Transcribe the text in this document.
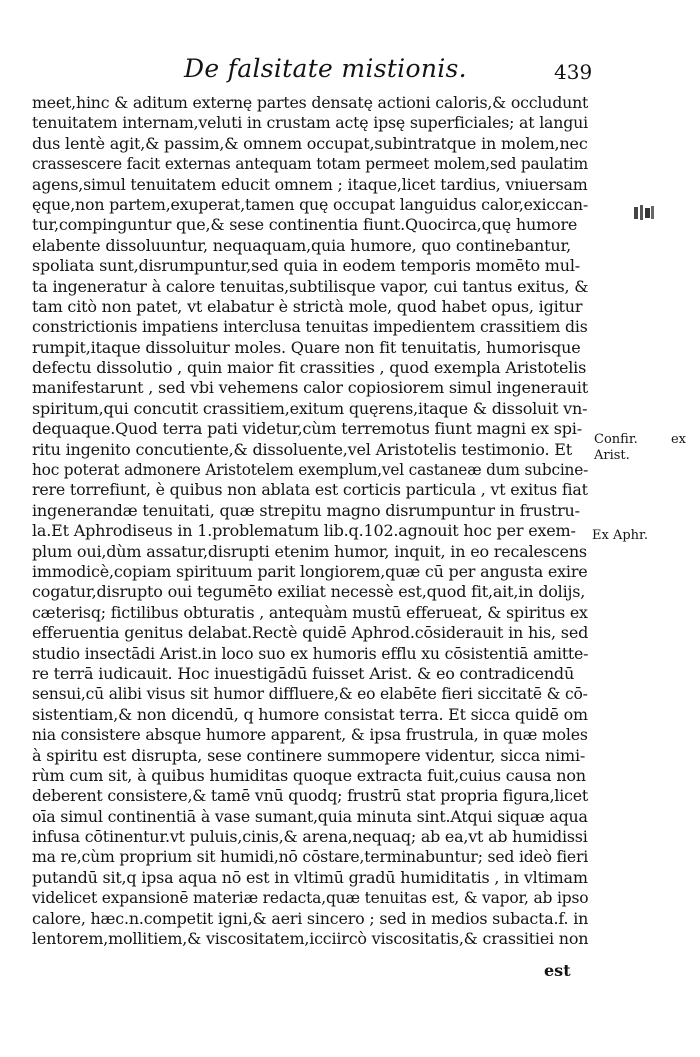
De falsitate mistionis.	439
meet,hinc & aditum externę partes densatę actioni caloris,& occludunt
tenuitatem internam,veluti in crustam actę ipsę superficiales; at langui
dus lentè agit,& passim,& omnem occupat,subintratque in molem,nec
crassescere facit externas antequam totam permeet molem,sed paulatim
agens,simul tenuitatem educit omnem ; itaque,licet tardius, vniuersam
ęque,non partem,exuperat,tamen quę occupat languidus calor,exiccan-
tur,compinguntur que,& sese continentia fiunt.Quocirca,quę humore
elabente dissoluuntur, nequaquam,quia humore, quo continebantur,
spoliata sunt,disrumpuntur,sed quia in eodem temporis momēto mul-
ta ingeneratur à calore tenuitas,subtilisque vapor, cui tantus exitus, &
tam citò non patet, vt elabatur è strictà mole, quod habet opus, igitur
constrictionis impatiens interclusa tenuitas impedientem crassitiem dis
rumpit,itaque dissoluitur moles. Quare non fit tenuitatis, humorisque
defectu dissolutio , quin maior fit crassities , quod exempla Aristotelis
manifestarunt , sed vbi vehemens calor copiosiorem simul ingenerauit
spiritum,qui concutit crassitiem,exitum quęrens,itaque & dissoluit vn-
dequaque.Quod terra pati videtur,cùm terremotus fiunt magni ex spi-
ritu ingenito concutiente,& dissoluente,vel Aristotelis testimonio. Et
hoc poterat admonere Aristotelem exemplum,vel castaneæ dum subcine-
rere torrefiunt, è quibus non ablata est corticis particula , vt exitus fiat
ingenerandæ tenuitati, quæ strepitu magno disrumpuntur in frustru-
la.Et Aphrodiseus in 1.problematum lib.q.102.agnouit hoc per exem-
plum oui,dùm assatur,disrupti etenim humor, inquit, in eo recalescens
immodicè,copiam spirituum parit longiorem,quæ cū per angusta exire
cogatur,disrupto oui tegumēto exiliat necessè est,quod fit,ait,in dolijs,
cæterisq; fictilibus obturatis , antequàm mustū efferueat, & spiritus ex
efferuentia genitus delabat.Rectè quidē Aphrod.cōsiderauit in his, sed
studio insectādi Arist.in loco suo ex humoris efflu xu cōsistentiā amitte-
re terrā iudicauit. Hoc inuestigādū fuisset Arist. & eo contradicendū
sensui,cū alibi visus sit humor diffluere,& eo elabēte fieri siccitatē & cō-
sistentiam,& non dicendū, q humore consistat terra. Et sicca quidē om
nia consistere absque humore apparent, & ipsa frustrula, in quæ moles
à spiritu est disrupta, sese continere summopere videntur, sicca nimi-
rùm cum sit, à quibus humiditas quoque extracta fuit,cuius causa non
deberent consistere,& tamē vnū quodq; frustrū stat propria figura,licet
oīa simul continentiā à vase sumant,quia minuta sint.Atqui siquæ aqua
infusa cōtinentur.vt puluis,cinis,& arena,nequaq; ab ea,vt ab humidissi
ma re,cùm proprium sit humidi,nō cōstare,terminabuntur; sed ideò fieri
putandū sit,q ipsa aqua nō est in vltimū gradū humiditatis , in vltimam
videlicet expansionē materiæ redacta,quæ tenuitas est, & vapor, ab ipso
calore, hæc.n.competit igni,& aeri sincero ; sed in medios subacta.f. in
lentorem,mollitiem,& viscositatem,icciircò viscositatis,& crassitiei non
est
Confir.	ex
Arist.
Ex Aphr.
